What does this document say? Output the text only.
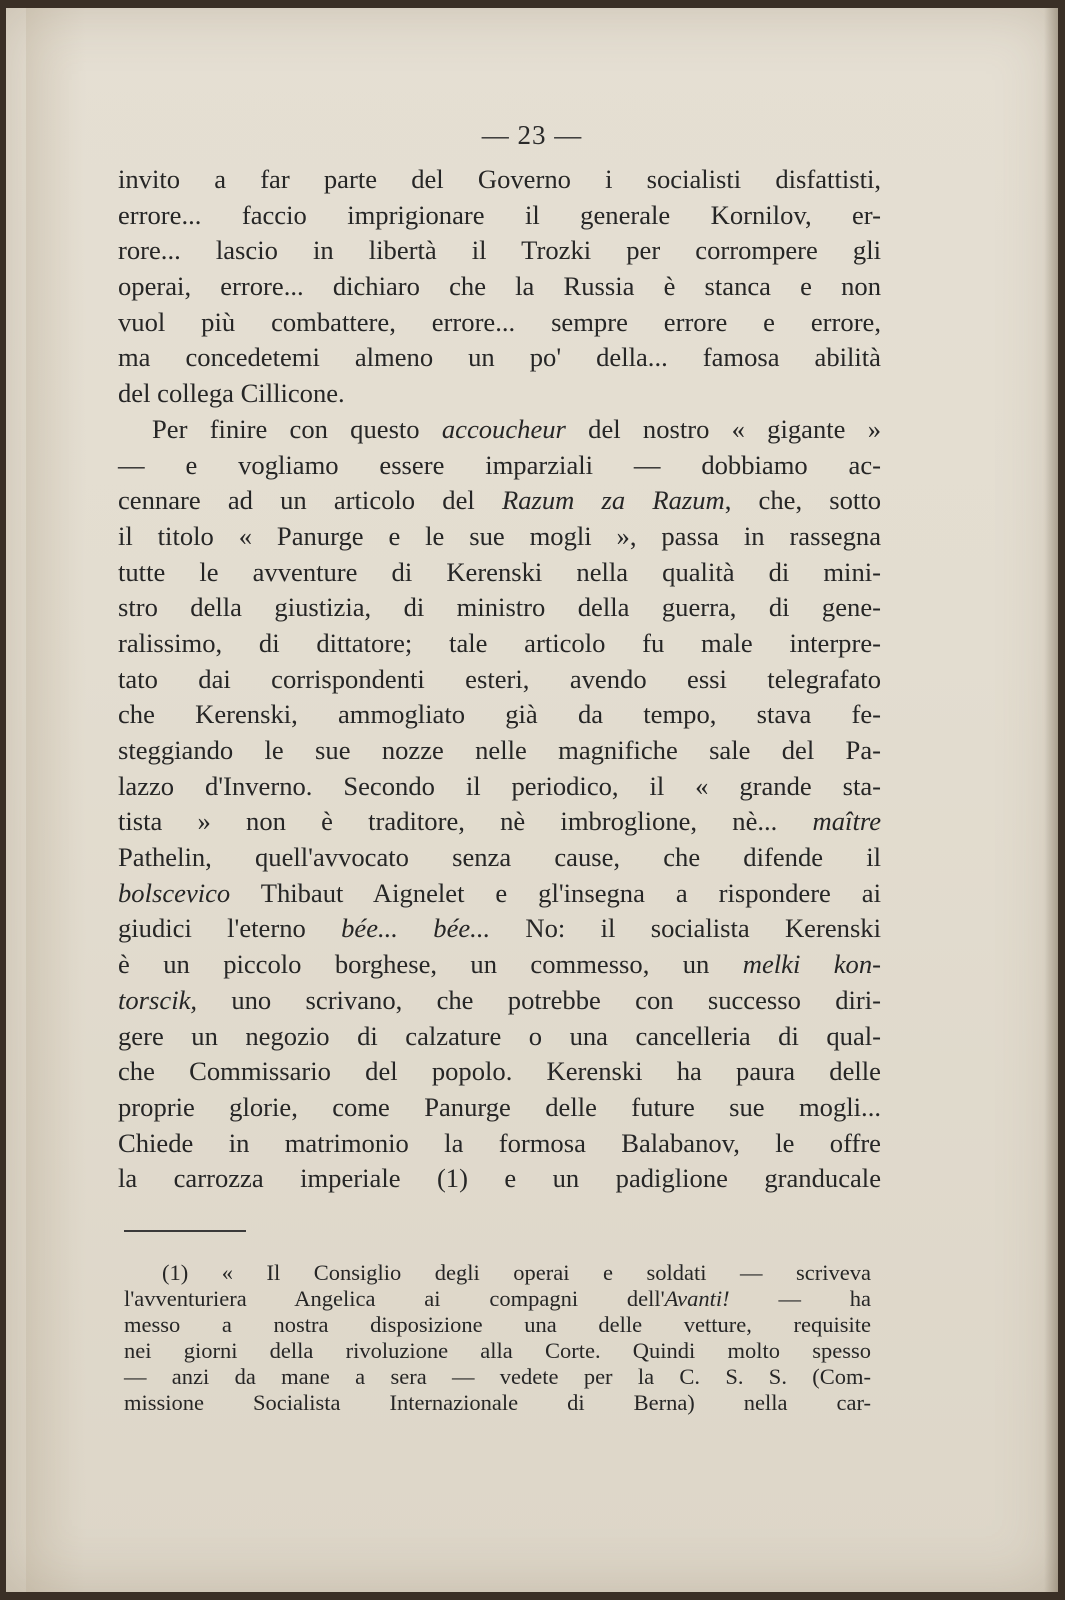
— 23 —
invito a far parte del Governo i socialisti disfattisti,
errore... faccio imprigionare il generale Kornilov, er-
rore... lascio in libertà il Trozki per corrompere gli
operai, errore... dichiaro che la Russia è stanca e non
vuol più combattere, errore... sempre errore e errore,
ma concedetemi almeno un po' della... famosa abilità
del collega Cillicone.
Per finire con questo accoucheur del nostro « gigante »
— e vogliamo essere imparziali — dobbiamo ac-
cennare ad un articolo del Razum za Razum, che, sotto
il titolo « Panurge e le sue mogli », passa in rassegna
tutte le avventure di Kerenski nella qualità di mini-
stro della giustizia, di ministro della guerra, di gene-
ralissimo, di dittatore; tale articolo fu male interpre-
tato dai corrispondenti esteri, avendo essi telegrafato
che Kerenski, ammogliato già da tempo, stava fe-
steggiando le sue nozze nelle magnifiche sale del Pa-
lazzo d'Inverno. Secondo il periodico, il « grande sta-
tista » non è traditore, nè imbroglione, nè... maître
Pathelin, quell'avvocato senza cause, che difende il
bolscevico Thibaut Aignelet e gl'insegna a rispondere ai
giudici l'eterno bée... bée... No: il socialista Kerenski
è un piccolo borghese, un commesso, un melki kon-
torscik, uno scrivano, che potrebbe con successo diri-
gere un negozio di calzature o una cancelleria di qual-
che Commissario del popolo. Kerenski ha paura delle
proprie glorie, come Panurge delle future sue mogli...
Chiede in matrimonio la formosa Balabanov, le offre
la carrozza imperiale (1) e un padiglione granducale
(1) « Il Consiglio degli operai e soldati — scriveva
l'avventuriera Angelica ai compagni dell'Avanti! — ha
messo a nostra disposizione una delle vetture, requisite
nei giorni della rivoluzione alla Corte. Quindi molto spesso
— anzi da mane a sera — vedete per la C. S. S. (Com-
missione Socialista Internazionale di Berna) nella car-
